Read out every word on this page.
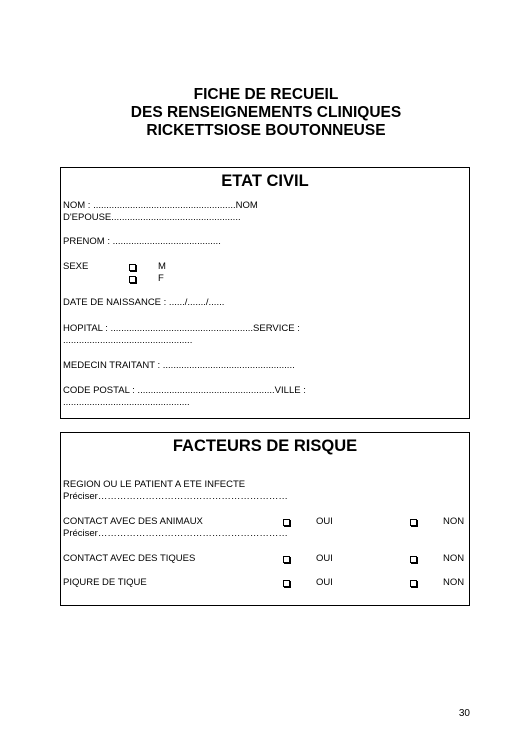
FICHE DE RECUEIL
DES RENSEIGNEMENTS CLINIQUES
RICKETTSIOSE BOUTONNEUSE
ETAT CIVIL
NOM : ......................................................NOM
D'EPOUSE.................................................
PRENOM : .........................................
SEXE	M
F
DATE DE NAISSANCE : ....../......./......
HOPITAL : ......................................................SERVICE :
.................................................
MEDECIN TRAITANT : ..................................................
CODE POSTAL : ....................................................VILLE :
................................................
FACTEURS DE RISQUE
REGION OU LE PATIENT A ETE INFECTE
Préciser……………………………………………………
CONTACT AVEC DES ANIMAUX	OUI	NON
Préciser……………………………………………………
CONTACT AVEC DES TIQUES	OUI	NON
PIQURE DE TIQUE	OUI	NON
30
